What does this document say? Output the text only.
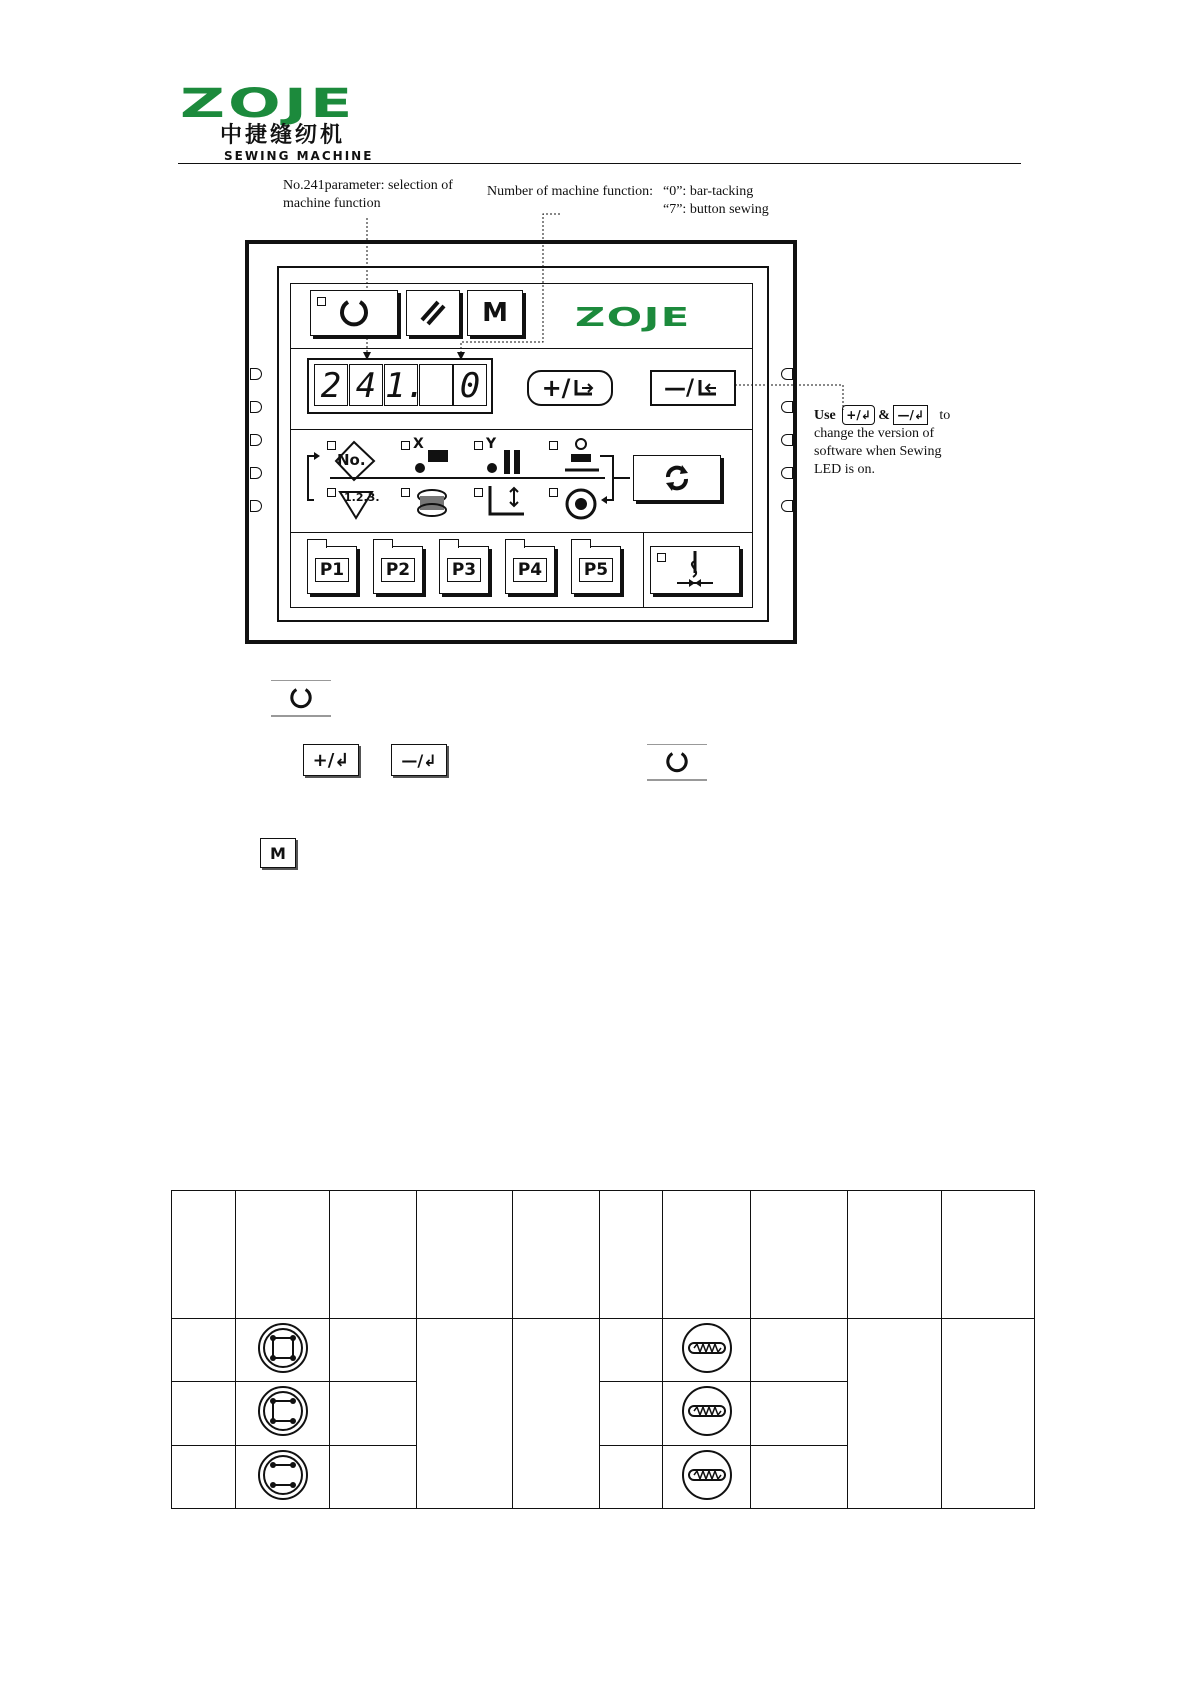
ZOJE
中捷缝纫机
SEWING MACHINE
No.241parameter: selection of
machine function
Number of machine function: “0”: bar-tacking
“7”: button sewing
Use +/↲ & —/↲ to
change the version of
software when Sewing
LED is on.
M	ZOJE
2 4 1. 0	+/	—/
No.
1.2.3.
X	Y
P1 P2 P3 P4 P5
+/ ↲	—/ ↲
M
